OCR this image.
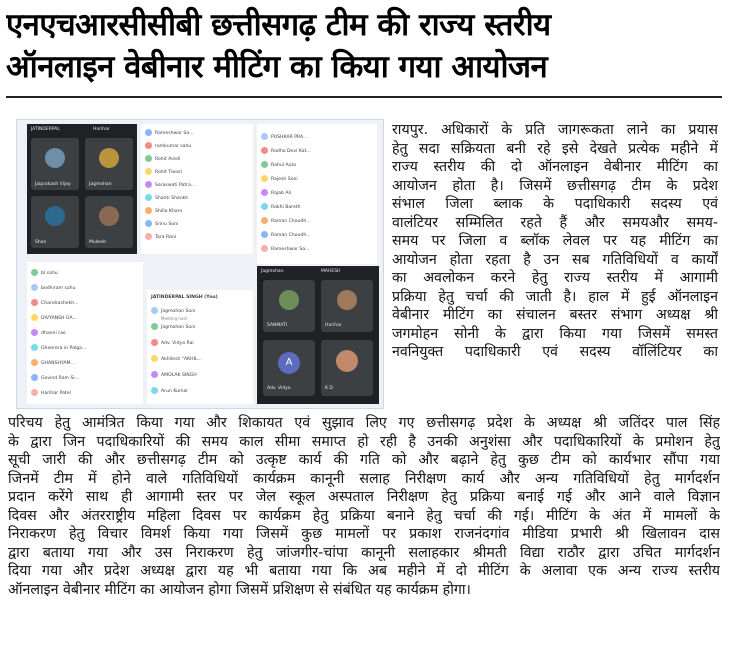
एनएचआरसीसीबी छत्तीसगढ़ टीम की राज्य स्तरीय
ऑनलाइन वेबीनार मीटिंग का किया गया आयोजन
JATINDERPAL	Harihar
Jaiprakash Vijay	Jagmohan
Shan	Mukesh
Rameshwar Sa...
ramkumar sahu
Rohit Arodi
Rohit Tiwari
Saraswati Patra...
Shanti Shankh
Shilla Kharo
Srinu Soni
Tara Rani
PUSHKAR PRA...
Radha Devi Kat...
Rahul Auto
Rajesh Soni
Rajab Ali
Rakhi Bareth
Raman Choudh...
Raman Choudh...
Rameshwar Sa...
bl sahu
bodhiram sahu
Chandrashekh...
DIVYANSH GA...
dhanni rao
Gheerera in Palga...
GHANSHYAM...
Govind Ram Si...
Harihar Patel
JATINDERPAL SINGH (You)
Jagmohan Soni
Meeting host
Jagmohan Soni
Adv. Vidya Rai
Akhilesh "AKHIL...
AMOLAK SINGH
Arun Kumar
Jagmohan	MAHESH
SANMATI	Harihar
A
Adv. Vidya	K D
रायपुर. अधिकारों के प्रति जागरूकता लाने का प्रयास
हेतु सदा सक्रियता बनी रहे इसे देखते प्रत्येक महीने में
राज्य स्तरीय की दो ऑनलाइन वेबीनार मीटिंग का
आयोजन होता है। जिसमें छत्तीसगढ़ टीम के प्रदेश
संभाल जिला ब्लाक के पदाधिकारी सदस्य एवं
वालंटियर सम्मिलित रहते हैं और समयऔर समय-
समय पर जिला व ब्लॉक लेवल पर यह मीटिंग का
आयोजन होता रहता है उन सब गतिविधियों व कार्यों
का अवलोकन करने हेतु राज्य स्तरीय में आगामी
प्रक्रिया हेतु चर्चा की जाती है। हाल में हुई ऑनलाइन
वेबीनार मीटिंग का संचालन बस्तर संभाग अध्यक्ष श्री
जगमोहन सोनी के द्वारा किया गया जिसमें समस्त
नवनियुक्त पदाधिकारी एवं सदस्य वॉलिंटियर का
परिचय हेतु आमंत्रित किया गया और शिकायत एवं सुझाव लिए गए छत्तीसगढ़ प्रदेश के अध्यक्ष श्री जतिंदर पाल सिंह
के द्वारा जिन पदाधिकारियों की समय काल सीमा समाप्त हो रही है उनकी अनुशंसा और पदाधिकारियों के प्रमोशन हेतु
सूची जारी की और छत्तीसगढ़ टीम को उत्कृष्ट कार्य की गति को और बढ़ाने हेतु कुछ टीम को कार्यभार सौंपा गया
जिनमें टीम में होने वाले गतिविधियों कार्यक्रम कानूनी सलाह निरीक्षण कार्य और अन्य गतिविधियों हेतु मार्गदर्शन
प्रदान करेंगे साथ ही आगामी स्तर पर जेल स्कूल अस्पताल निरीक्षण हेतु प्रक्रिया बनाई गई और आने वाले विज्ञान
दिवस और अंतरराष्ट्रीय महिला दिवस पर कार्यक्रम हेतु प्रक्रिया बनाने हेतु चर्चा की गई। मीटिंग के अंत में मामलों के
निराकरण हेतु विचार विमर्श किया गया जिसमें कुछ मामलों पर प्रकाश राजनंदगांव मीडिया प्रभारी श्री खिलावन दास
द्वारा बताया गया और उस निराकरण हेतु जांजगीर-चांपा कानूनी सलाहकार श्रीमती विद्या राठौर द्वारा उचित मार्गदर्शन
दिया गया और प्रदेश अध्यक्ष द्वारा यह भी बताया गया कि अब महीने में दो मीटिंग के अलावा एक अन्य राज्य स्तरीय
ऑनलाइन वेबीनार मीटिंग का आयोजन होगा जिसमें प्रशिक्षण से संबंधित यह कार्यक्रम होगा।
